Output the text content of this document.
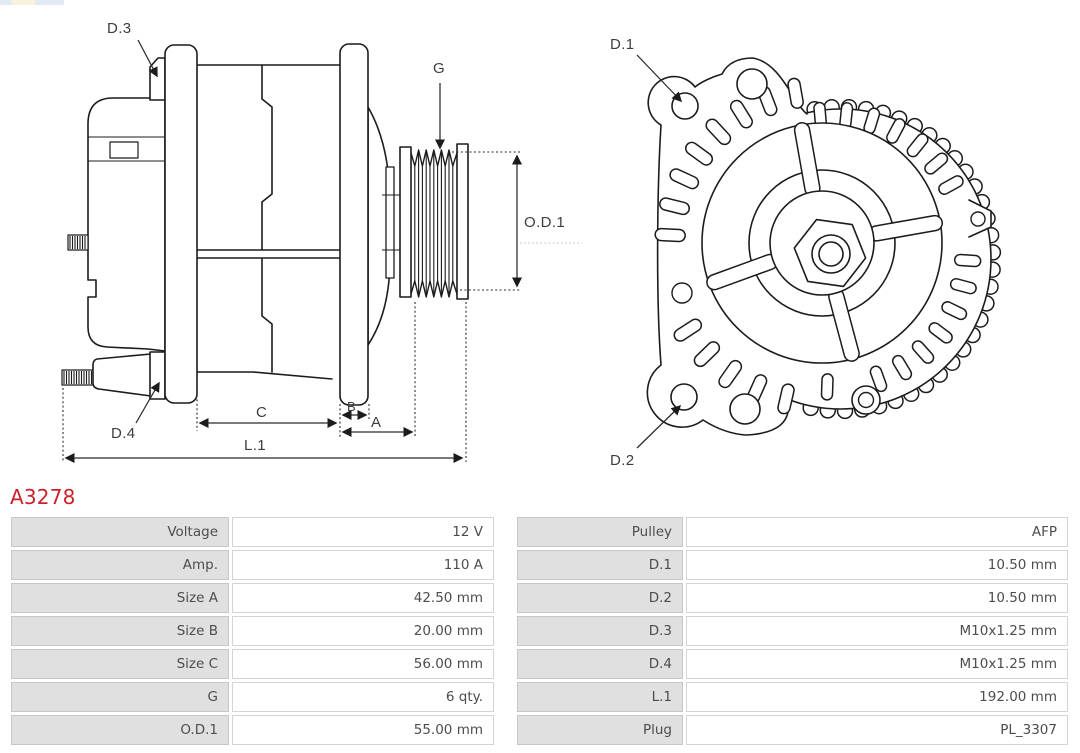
D.3
G
O.D.1
D.4
C	B
A
L.1
D.1
D.2
A3278
Voltage	12 V
Amp.	110 A
Size A	42.50 mm
Size B	20.00 mm
Size C	56.00 mm
G	6 qty.
O.D.1	55.00 mm
Pulley	AFP
D.1	10.50 mm
D.2	10.50 mm
D.3	M10x1.25 mm
D.4	M10x1.25 mm
L.1	192.00 mm
Plug	PL_3307
